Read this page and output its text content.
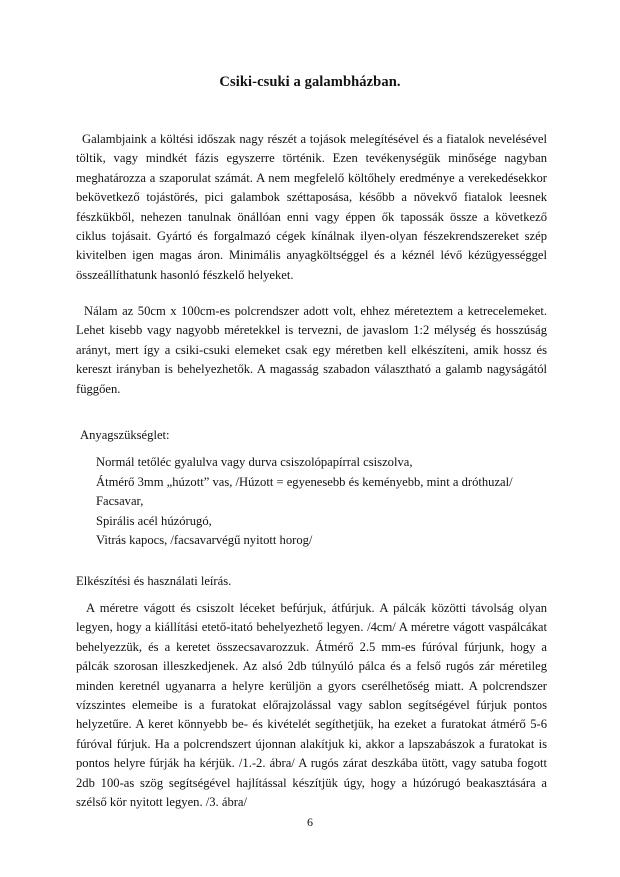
Csiki-csuki a galambházban.

Galambjaink a költési időszak nagy részét a tojások melegítésével és a fiatalok nevelésével töltik, vagy mindkét fázis egyszerre történik. Ezen tevékenységük minősége nagyban meghatározza a szaporulat számát. A nem megfelelő költőhely eredménye a verekedésekkor bekövetkező tojástörés, pici galambok széttaposása, később a növekvő fiatalok leesnek fészkükből, nehezen tanulnak önállóan enni vagy éppen ők tapossák össze a következő ciklus tojásait. Gyártó és forgalmazó cégek kínálnak ilyen-olyan fészekrendszereket szép kivitelben igen magas áron. Minimális anyagköltséggel és a kéznél lévő kézügyességgel összeállíthatunk hasonló fészkelő helyeket.

Nálam az 50cm x 100cm-es polcrendszer adott volt, ehhez méreteztem a ketrecelemeket. Lehet kisebb vagy nagyobb méretekkel is tervezni, de javaslom 1:2 mélység és hosszúság arányt, mert így a csiki-csuki elemeket csak egy méretben kell elkészíteni, amik hossz és kereszt irányban is behelyezhetők. A magasság szabadon választható a galamb nagyságától függően.

Anyagszükséglet:

Normál tetőléc gyalulva vagy durva csiszolópapírral csiszolva,
Átmérő 3mm „húzott” vas, /Húzott = egyenesebb és keményebb, mint a dróthuzal/
Facsavar,
Spirális acél húzórugó,
Vitrás kapocs, /facsavarvégű nyitott horog/

Elkészítési és használati leírás.

A méretre vágott és csiszolt léceket befúrjuk, átfúrjuk. A pálcák közötti távolság olyan legyen, hogy a kiállítási etető-itató behelyezhető legyen. /4cm/ A méretre vágott vaspálcákat behelyezzük, és a keretet összecsavarozzuk. Átmérő 2.5 mm-es fúróval fúrjunk, hogy a pálcák szorosan illeszkedjenek. Az alsó 2db túlnyúló pálca és a felső rugós zár méretileg minden keretnél ugyanarra a helyre kerüljön a gyors cserélhetőség miatt. A polcrendszer vízszintes elemeibe is a furatokat előrajzolással vagy sablon segítségével fúrjuk pontos helyzetűre. A keret könnyebb be- és kivételét segíthetjük, ha ezeket a furatokat átmérő 5-6 fúróval fúrjuk. Ha a polcrendszert újonnan alakítjuk ki, akkor a lapszabászok a furatokat is pontos helyre fúrják ha kérjük. /1.-2. ábra/ A rugós zárat deszkába ütött, vagy satuba fogott 2db 100-as szög segítségével hajlítással készítjük úgy, hogy a húzórugó beakasztására a szélső kör nyitott legyen. /3. ábra/

6
